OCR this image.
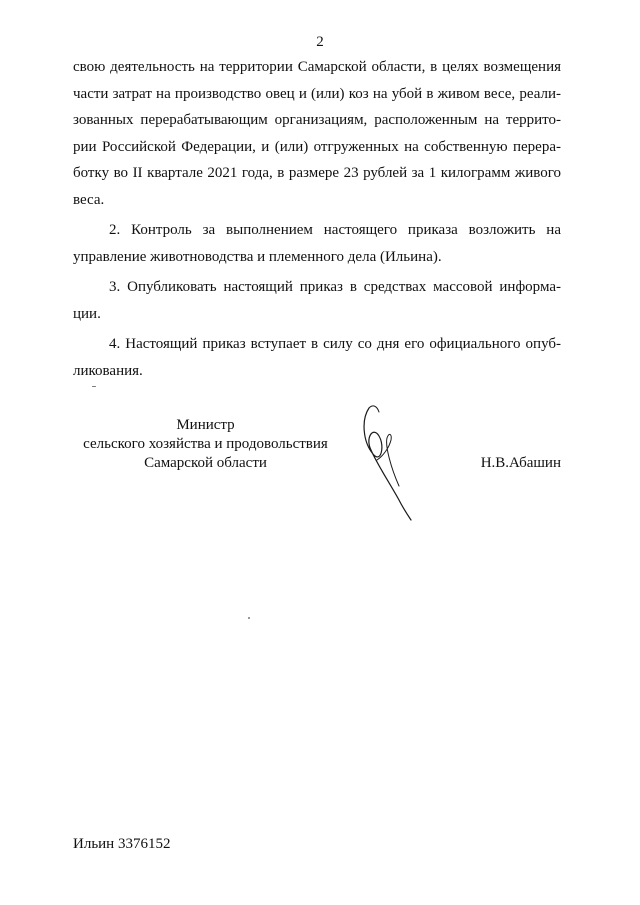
2

свою деятельность на территории Самарской области, в целях возмещения
части затрат на производство овец и (или) коз на убой в живом весе, реали-
зованных перерабатывающим организациям, расположенным на террито-
рии Российской Федерации, и (или) отгруженных на собственную перера-
ботку во II квартале 2021 года, в размере 23 рублей за 1 килограмм живого
веса.

2. Контроль за выполнением настоящего приказа возложить на
управление животноводства и племенного дела (Ильина).

3. Опубликовать настоящий приказ в средствах массовой информа-
ции.

4. Настоящий приказ вступает в силу со дня его официального опуб-
ликования.

Министр
сельского хозяйства и продовольствия
Самарской области	Н.В.Абашин
Ильин 3376152
